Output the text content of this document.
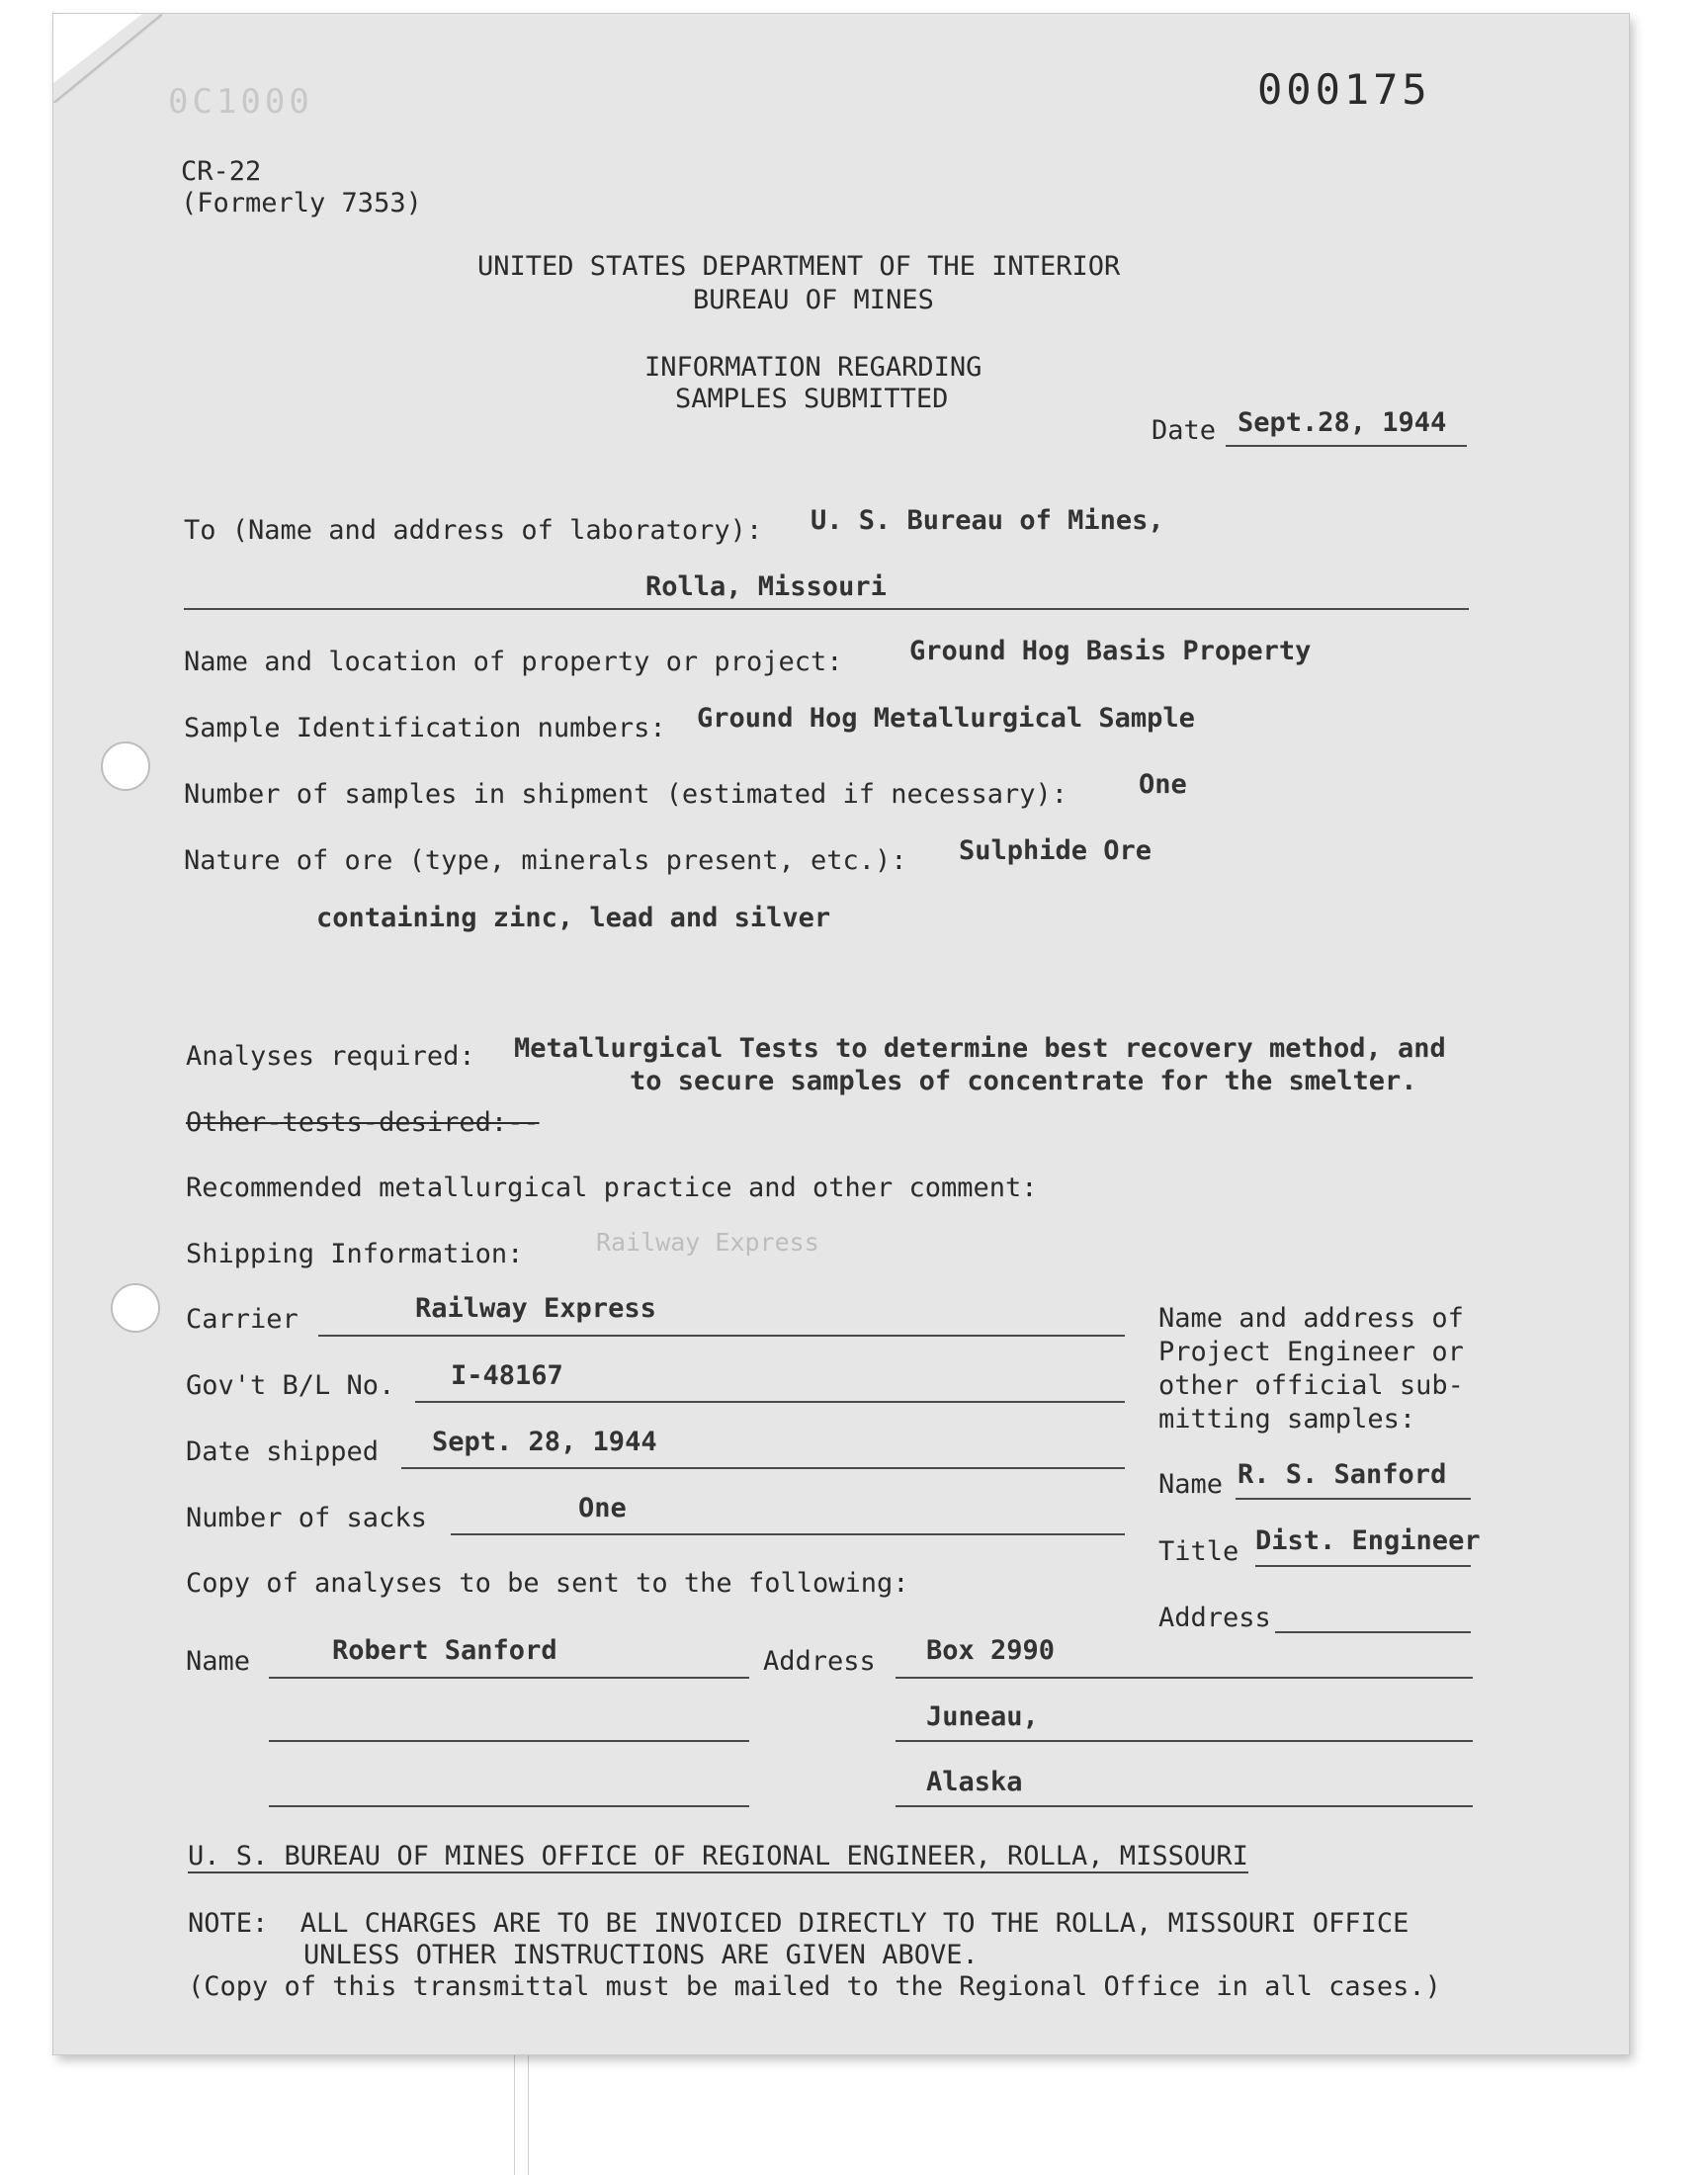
000175
0C1000
CR-22
(Formerly 7353)
UNITED STATES DEPARTMENT OF THE INTERIOR
BUREAU OF MINES
INFORMATION REGARDING
SAMPLES SUBMITTED
Date Sept.28, 1944
To (Name and address of laboratory): U. S. Bureau of Mines,
Rolla, Missouri
Name and location of property or project:	Ground Hog Basis Property
Sample Identification numbers: Ground Hog Metallurgical Sample
Number of samples in shipment (estimated if necessary):	One
Nature of ore (type, minerals present, etc.): Sulphide Ore
containing zinc, lead and silver
Analyses required: Metallurgical Tests to determine best recovery method, and
to secure samples of concentrate for the smelter.
Other-tests-desired:--
Recommended metallurgical practice and other comment:
Shipping Information:	Railway Express
Carrier	Railway Express
Gov't B/L No. I-48167
Date shipped Sept. 28, 1944
Number of sacks	One
Name and address of
Project Engineer or
other official sub-
mitting samples:
Name R. S. Sanford
Title Dist. Engineer
Address
Copy of analyses to be sent to the following:
Name	Robert Sanford	Address Box 2990
Juneau,
Alaska
U. S. BUREAU OF MINES OFFICE OF REGIONAL ENGINEER, ROLLA, MISSOURI
NOTE:  ALL CHARGES ARE TO BE INVOICED DIRECTLY TO THE ROLLA, MISSOURI OFFICE
UNLESS OTHER INSTRUCTIONS ARE GIVEN ABOVE.
(Copy of this transmittal must be mailed to the Regional Office in all cases.)
